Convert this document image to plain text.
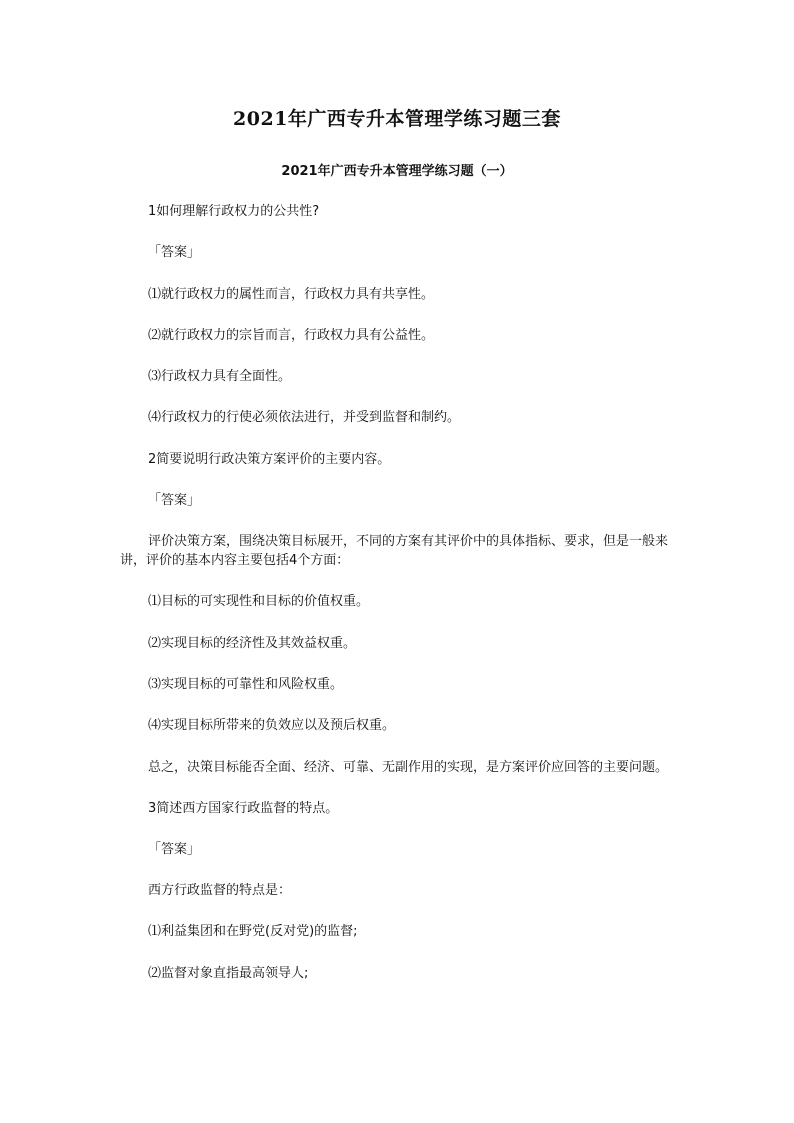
2021年广西专升本管理学练习题三套
2021年广西专升本管理学练习题（一）

1如何理解行政权力的公共性?

「答案」

⑴就行政权力的属性而言，行政权力具有共享性。

⑵就行政权力的宗旨而言，行政权力具有公益性。

⑶行政权力具有全面性。

⑷行政权力的行使必须依法进行，并受到监督和制约。

2简要说明行政决策方案评价的主要内容。

「答案」

评价决策方案，围绕决策目标展开，不同的方案有其评价中的具体指标、要求，但是一般来讲，评价的基本内容主要包括4个方面：

⑴目标的可实现性和目标的价值权重。

⑵实现目标的经济性及其效益权重。

⑶实现目标的可靠性和风险权重。

⑷实现目标所带来的负效应以及预后权重。

总之，决策目标能否全面、经济、可靠、无副作用的实现，是方案评价应回答的主要问题。

3简述西方国家行政监督的特点。

「答案」

西方行政监督的特点是：

⑴利益集团和在野党(反对党)的监督;

⑵监督对象直指最高领导人;
